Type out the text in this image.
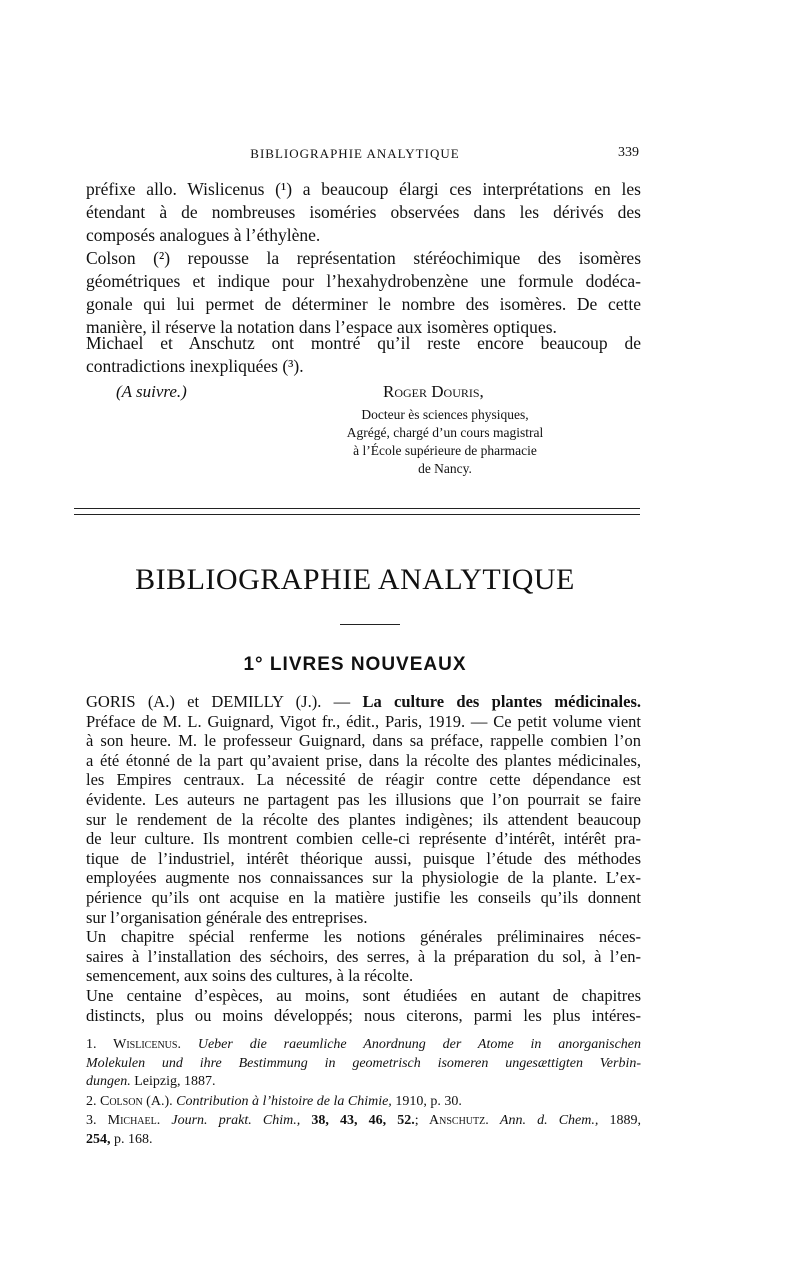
BIBLIOGRAPHIE ANALYTIQUE	339

préfixe allo. Wislicenus (¹) a beaucoup élargi ces interprétations en les
étendant à de nombreuses isoméries observées dans les dérivés des
composés analogues à l’éthylène.

Colson (²) repousse la représentation stéréochimique des isomères
géométriques et indique pour l’hexahydrobenzène une formule dodéca-
gonale qui lui permet de déterminer le nombre des isomères. De cette
manière, il réserve la notation dans l’espace aux isomères optiques.

Michael et Anschutz ont montré qu’il reste encore beaucoup de
contradictions inexpliquées (³).

(A suivre.)	Roger Douris,
Docteur ès sciences physiques,
Agrégé, chargé d’un cours magistral
à l’École supérieure de pharmacie
de Nancy.
BIBLIOGRAPHIE ANALYTIQUE
1° LIVRES NOUVEAUX

GORIS (A.) et DEMILLY (J.). — La culture des plantes médicinales.
Préface de M. L. Guignard, Vigot fr., édit., Paris, 1919. — Ce petit volume vient
à son heure. M. le professeur Guignard, dans sa préface, rappelle combien l’on
a été étonné de la part qu’avaient prise, dans la récolte des plantes médicinales,
les Empires centraux. La nécessité de réagir contre cette dépendance est
évidente. Les auteurs ne partagent pas les illusions que l’on pourrait se faire
sur le rendement de la récolte des plantes indigènes; ils attendent beaucoup
de leur culture. Ils montrent combien celle-ci représente d’intérêt, intérêt pra-
tique de l’industriel, intérêt théorique aussi, puisque l’étude des méthodes
employées augmente nos connaissances sur la physiologie de la plante. L’ex-
périence qu’ils ont acquise en la matière justifie les conseils qu’ils donnent
sur l’organisation générale des entreprises.

Un chapitre spécial renferme les notions générales préliminaires néces-
saires à l’installation des séchoirs, des serres, à la préparation du sol, à l’en-
semencement, aux soins des cultures, à la récolte.

Une centaine d’espèces, au moins, sont étudiées en autant de chapitres
distincts, plus ou moins développés; nous citerons, parmi les plus intéres-

1. Wislicenus. Ueber die raeumliche Anordnung der Atome in anorganischen
Molekulen und ihre Bestimmung in geometrisch isomeren ungesættigten Verbin-
dungen. Leipzig, 1887.
2. Colson (A.). Contribution à l’histoire de la Chimie, 1910, p. 30.
3. Michael. Journ. prakt. Chim., 38, 43, 46, 52.; Anschutz. Ann. d. Chem., 1889,
254, p. 168.
